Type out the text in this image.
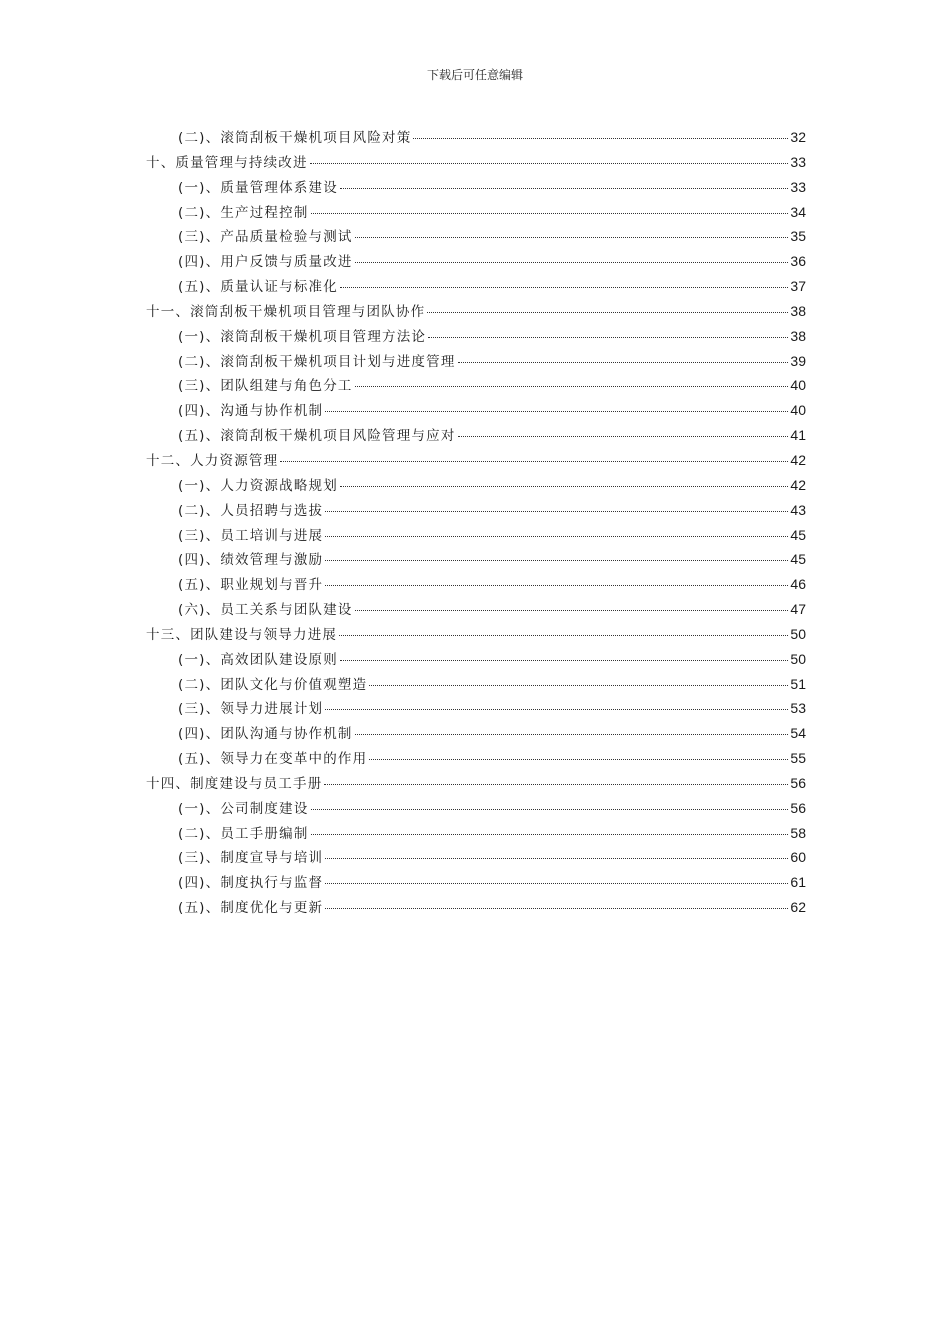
下载后可任意编辑
(二)、滚筒刮板干燥机项目风险对策	32
十、质量管理与持续改进	33
(一)、质量管理体系建设	33
(二)、生产过程控制	34
(三)、产品质量检验与测试	35
(四)、用户反馈与质量改进	36
(五)、质量认证与标准化	37
十一、滚筒刮板干燥机项目管理与团队协作	38
(一)、滚筒刮板干燥机项目管理方法论	38
(二)、滚筒刮板干燥机项目计划与进度管理	39
(三)、团队组建与角色分工	40
(四)、沟通与协作机制	40
(五)、滚筒刮板干燥机项目风险管理与应对	41
十二、人力资源管理	42
(一)、人力资源战略规划	42
(二)、人员招聘与选拔	43
(三)、员工培训与进展	45
(四)、绩效管理与激励	45
(五)、职业规划与晋升	46
(六)、员工关系与团队建设	47
十三、团队建设与领导力进展	50
(一)、高效团队建设原则	50
(二)、团队文化与价值观塑造	51
(三)、领导力进展计划	53
(四)、团队沟通与协作机制	54
(五)、领导力在变革中的作用	55
十四、制度建设与员工手册	56
(一)、公司制度建设	56
(二)、员工手册编制	58
(三)、制度宣导与培训	60
(四)、制度执行与监督	61
(五)、制度优化与更新	62
